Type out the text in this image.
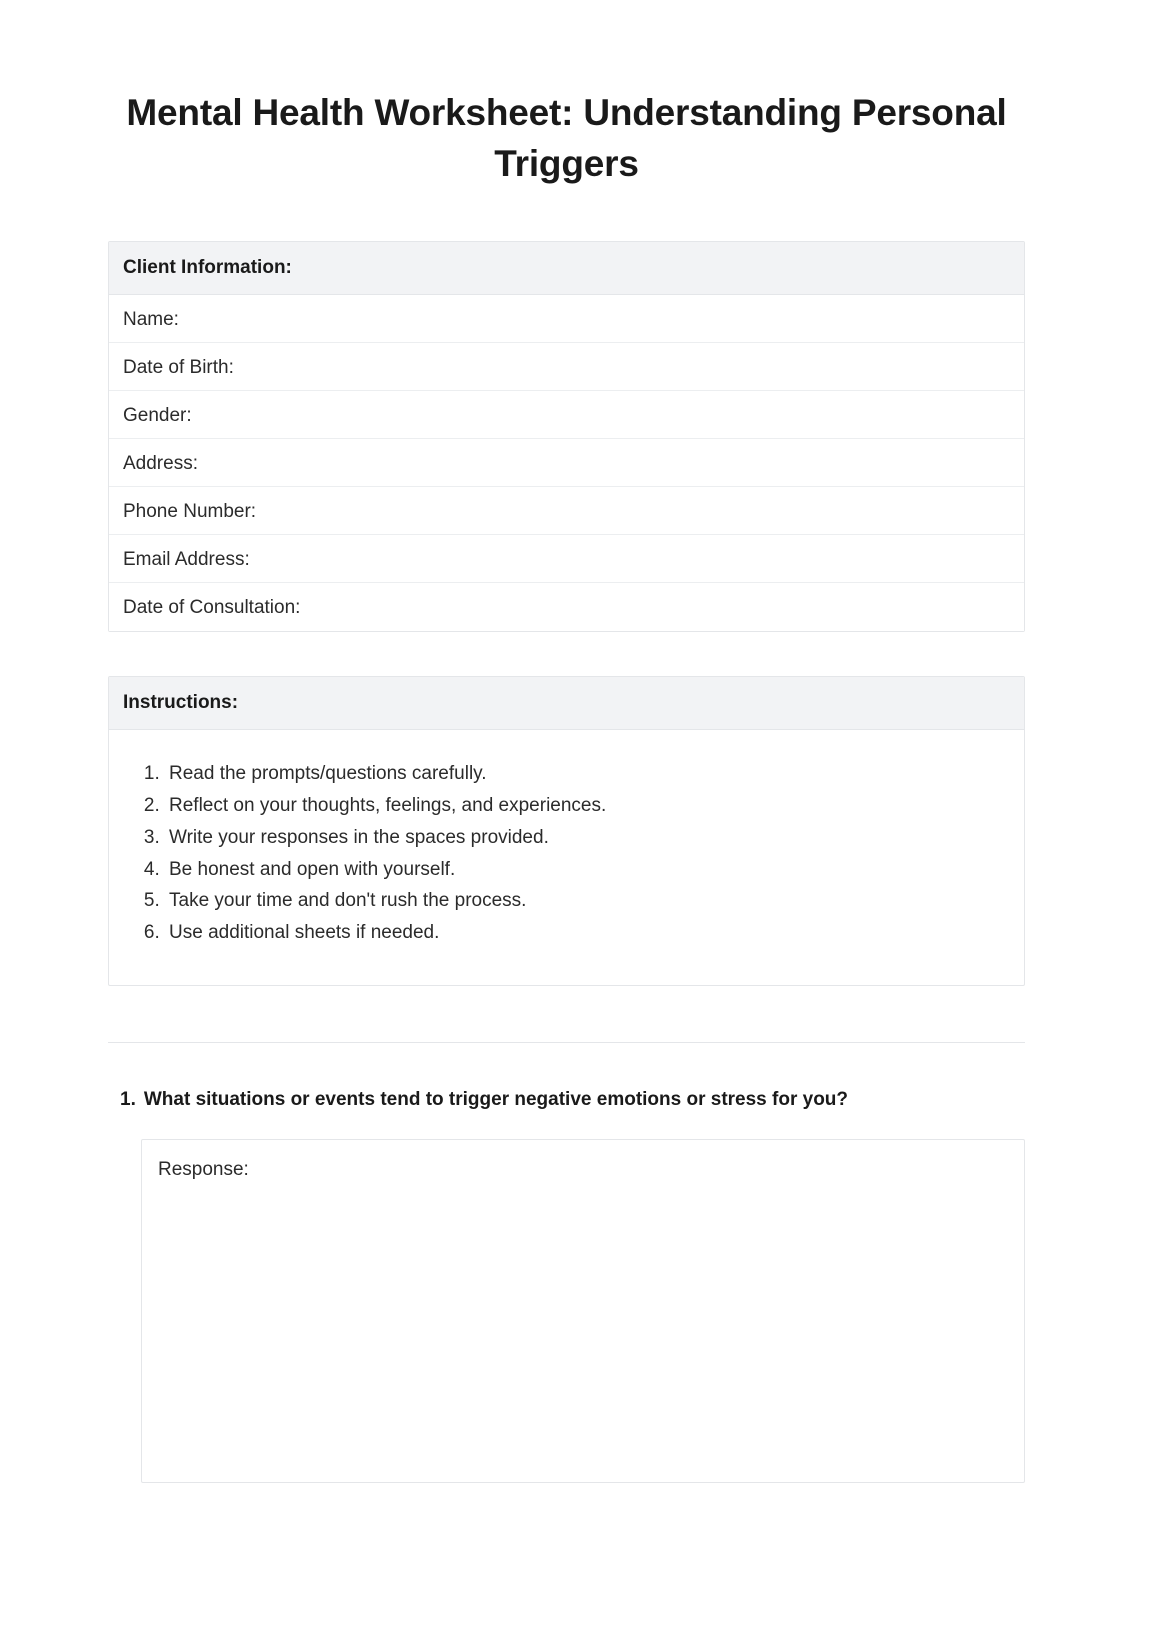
Mental Health Worksheet: Understanding Personal Triggers
Client Information:
Name:
Date of Birth:
Gender:
Address:
Phone Number:
Email Address:
Date of Consultation:
Instructions:
1. Read the prompts/questions carefully.
2. Reflect on your thoughts, feelings, and experiences.
3. Write your responses in the spaces provided.
4. Be honest and open with yourself.
5. Take your time and don't rush the process.
6. Use additional sheets if needed.
1. What situations or events tend to trigger negative emotions or stress for you?
Response:
